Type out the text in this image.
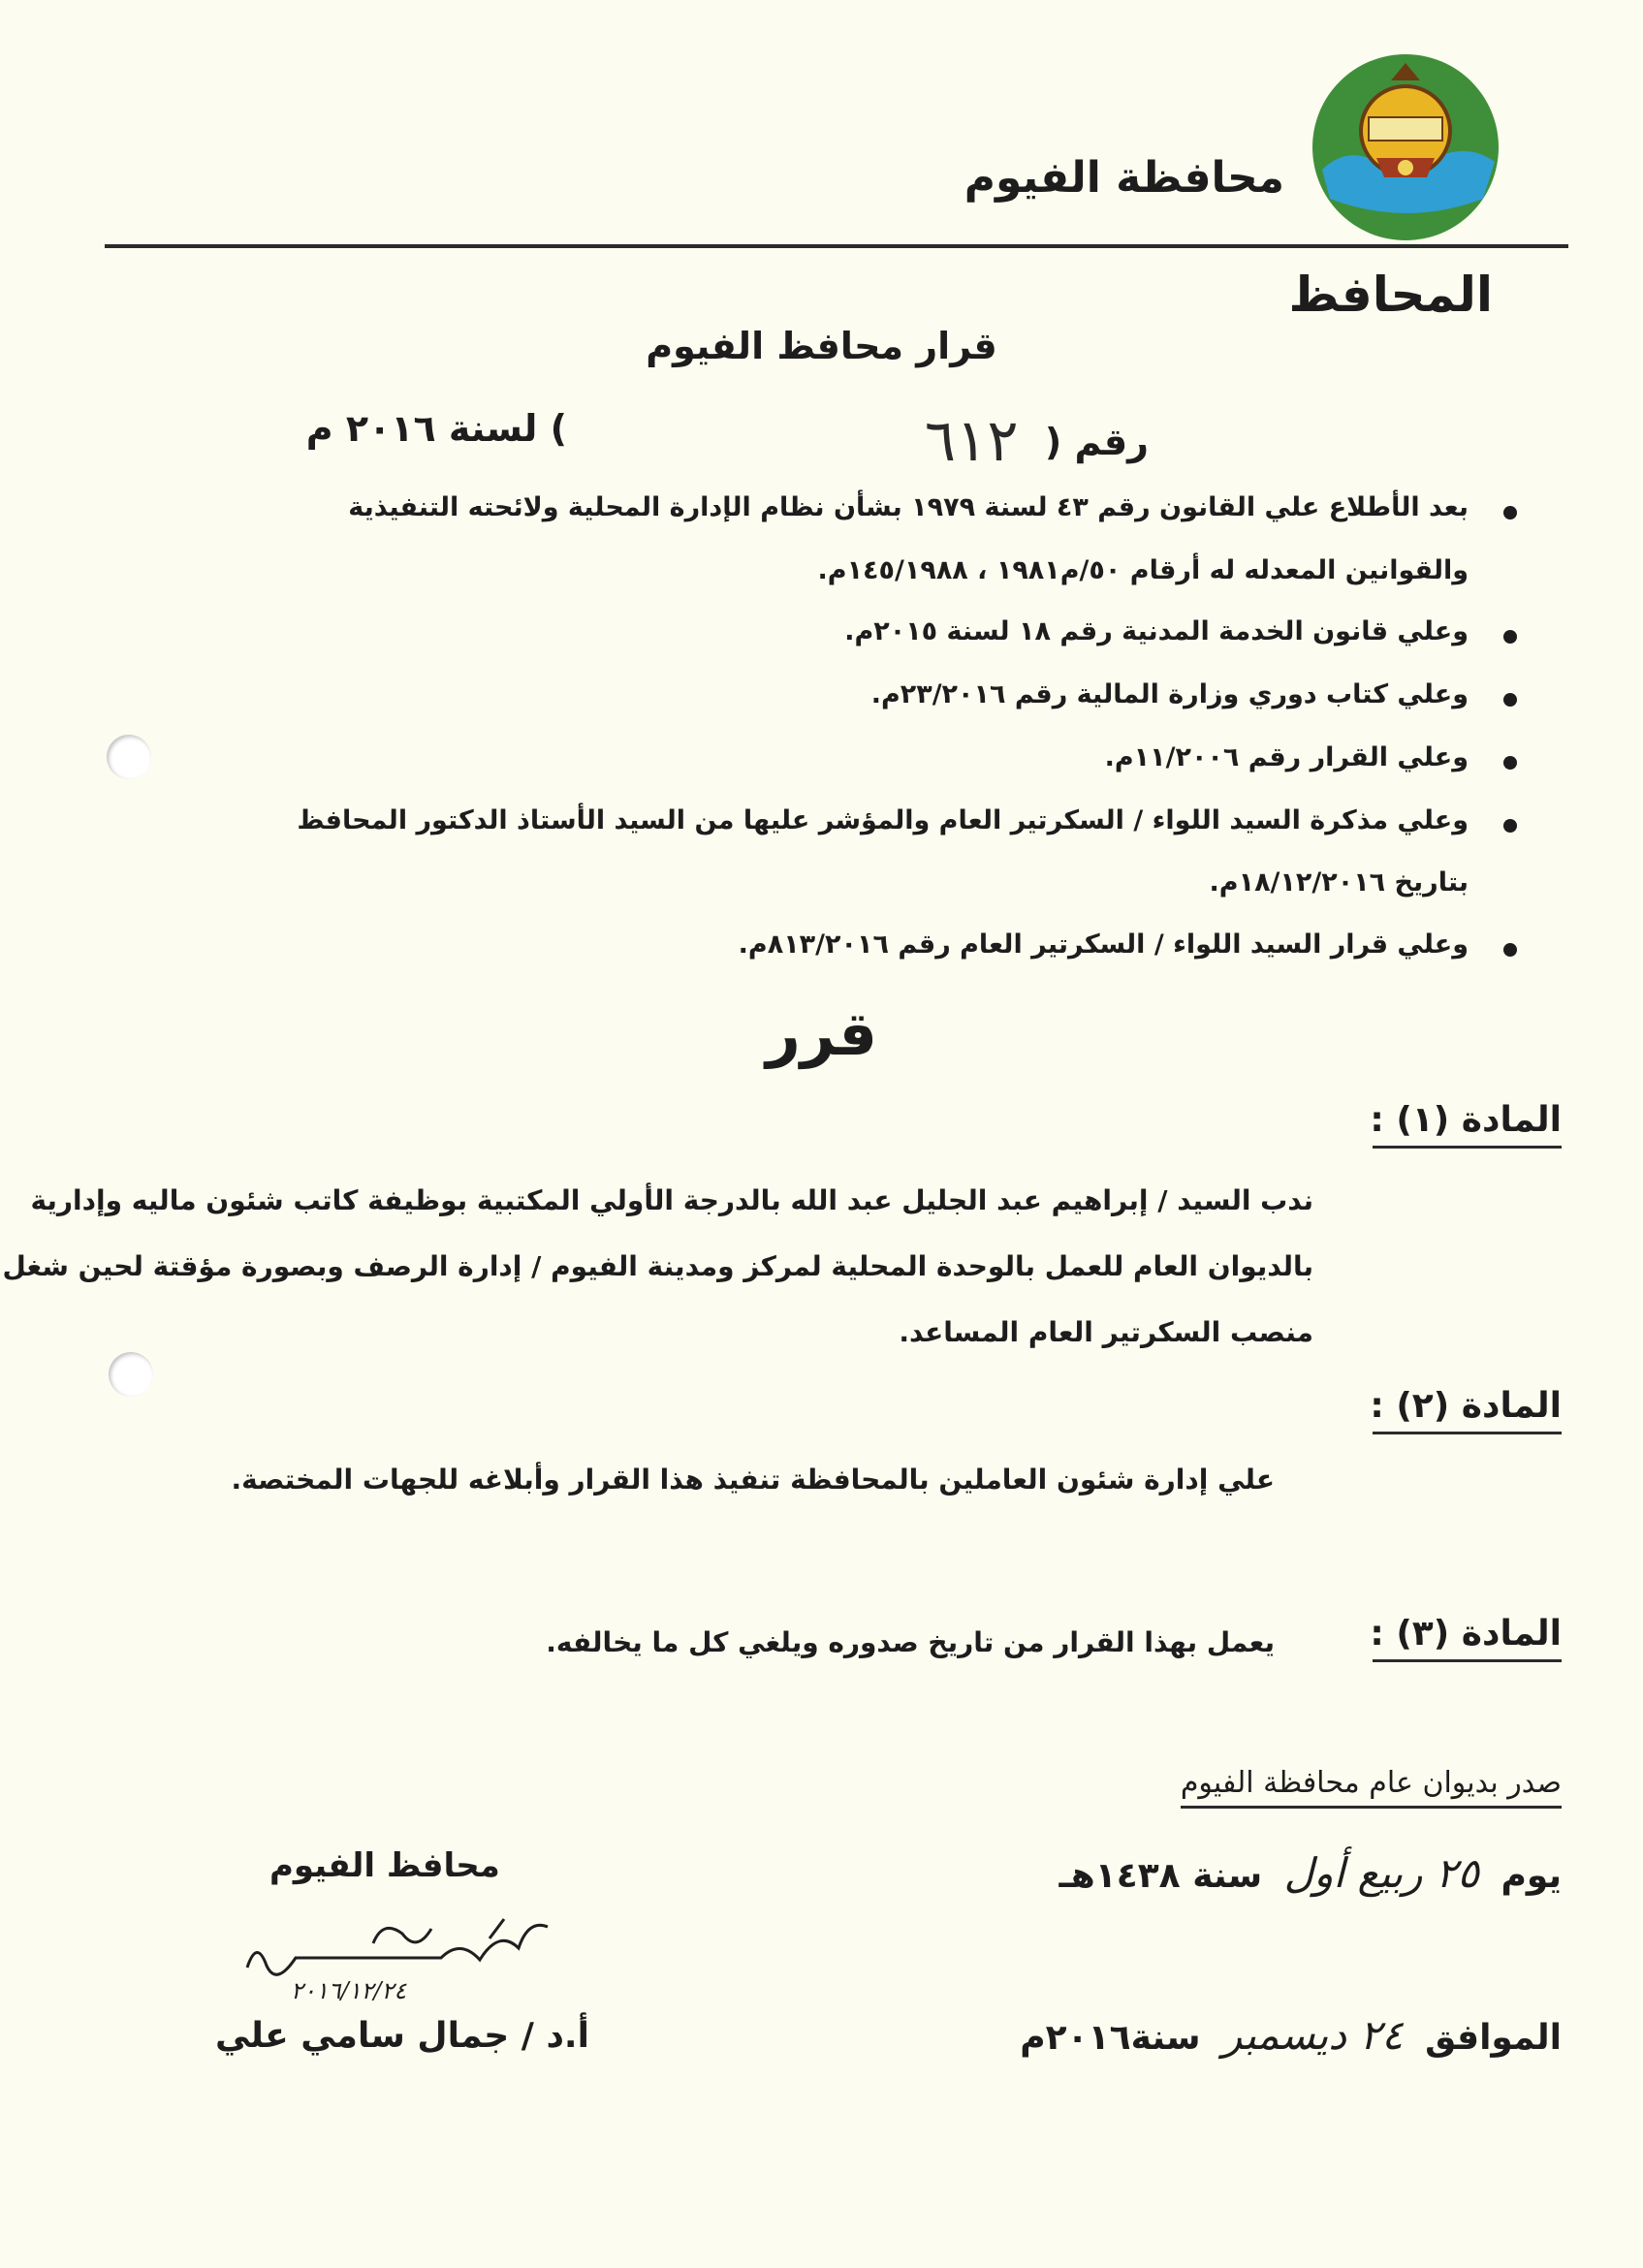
محافظة الفيوم
المحافظ
قرار محافظ الفيوم
رقم ( ٦١٢
) لسنة ٢٠١٦ م
بعد الأطلاع علي القانون رقم ٤٣ لسنة ١٩٧٩ بشأن نظام الإدارة المحلية ولائحته التنفيذية
والقوانين المعدله له أرقام ٥٠/م١٩٨١ ، ١٤٥/١٩٨٨م.
وعلي قانون الخدمة المدنية رقم ١٨ لسنة ٢٠١٥م.
وعلي كتاب دوري وزارة المالية رقم ٢٣/٢٠١٦م.
وعلي القرار رقم ١١/٢٠٠٦م.
وعلي مذكرة السيد اللواء / السكرتير العام والمؤشر عليها من السيد الأستاذ الدكتور المحافظ
بتاريخ ١٨/١٢/٢٠١٦م.
وعلي قرار السيد اللواء / السكرتير العام رقم ٨١٣/٢٠١٦م.
قرر
المادة (١) :
ندب السيد / إبراهيم عبد الجليل عبد الله بالدرجة الأولي المكتبية بوظيفة كاتب شئون ماليه وإدارية
بالديوان العام للعمل بالوحدة المحلية لمركز ومدينة الفيوم / إدارة الرصف وبصورة مؤقتة لحين شغل
منصب السكرتير العام المساعد.
المادة (٢) :
علي إدارة شئون العاملين بالمحافظة تنفيذ هذا القرار وأبلاغه للجهات المختصة.
المادة (٣) :
يعمل بهذا القرار من تاريخ صدوره ويلغي كل ما يخالفه.
صدر بديوان عام محافظة الفيوم
يوم ٢٥ ربيع أول سنة ١٤٣٨هـ
الموافق ٢٤ ديسمبر سنة٢٠١٦م
محافظ الفيوم
٢٠١٦/١٢/٢٤
أ.د / جمال سامي علي
